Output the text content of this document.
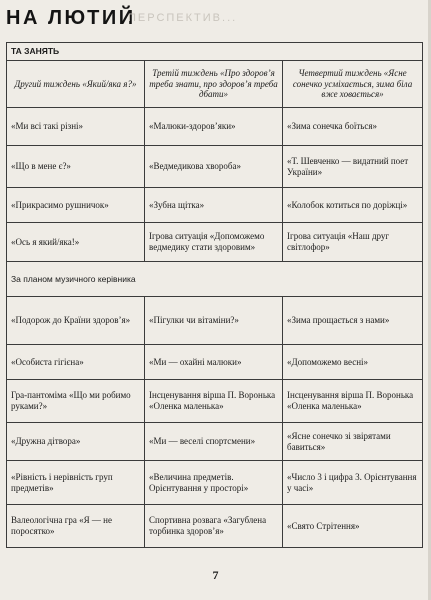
НА ЛЮТИЙ
ПЕРСПЕКТИВ...
ТА ЗАНЯТЬ		
Другий тиждень «Який/яка я?»	Третій тиждень «Про здоров’я треба знати, про здоров’я треба дбати»	Четвертий тиждень «Ясне сонечко усміхається, зима біла вже ховається»
«Ми всі такі різні»	«Малюки-здоров’яки»	«Зима сонечка боїться»
«Що в мене є?»	«Ведмедикова хвороба»	«Т. Шевченко — видатний поет України»
«Прикрасимо рушничок»	«Зубна щітка»	«Колобок котиться по доріжці»
«Ось я який/яка!»	Ігрова ситуація «Допоможемо ведмедику стати здоровим»	Ігрова ситуація «Наш друг світлофор»
За планом музичного керівника		
«Подорож до Країни здоров’я»	«Пігулки чи вітаміни?»	«Зима прощається з нами»
«Особиста гігієна»	«Ми — охайні малюки»	«Допоможемо весні»
Гра-пантоміма «Що ми робимо руками?»	Інсценування вірша П. Воронька «Оленка маленька»	Інсценування вірша П. Воронька «Оленка маленька»
«Дружна дітвора»	«Ми — веселі спортсмени»	«Ясне сонечко зі звірятами бавиться»
«Рівність і нерівність груп предметів»	«Величина предметів. Орієнтування у просторі»	«Число 3 і цифра 3. Орієнтування у часі»
Валеологічна гра «Я — не поросятко»	Спортивна розвага «Загублена торбинка здоров’я»	«Свято Стрітення»
7
